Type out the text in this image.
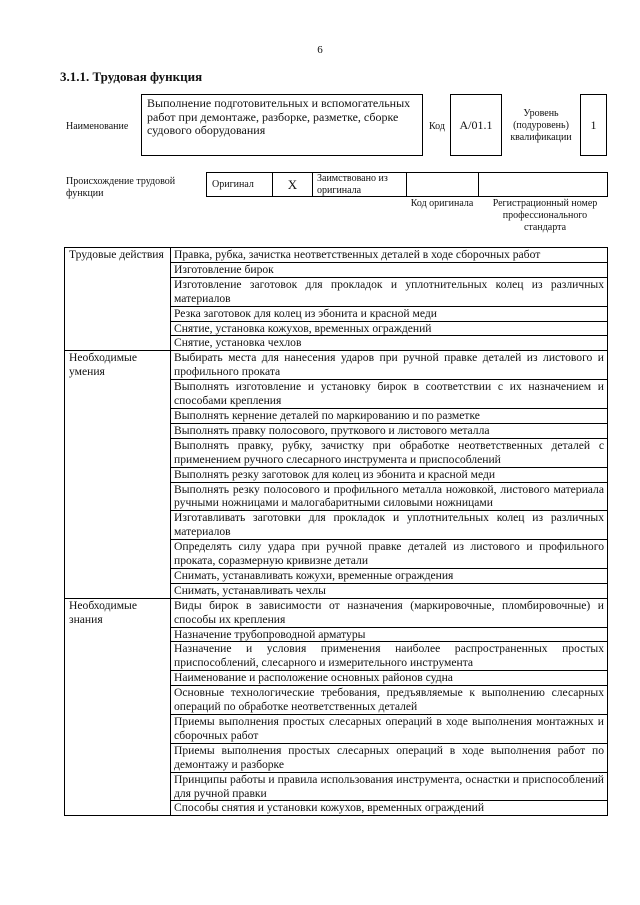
6
3.1.1. Трудовая функция
Наименование
Выполнение подготовительных и вспомогательных работ при демонтаже, разборке, разметке, сборке судового оборудования	Код	А/01.1
Уровень (подуровень) квалификации
1
Происхождение трудовой функции
Оригинал	Х	Заимствовано из оригинала
Код оригинала	Регистрационный номер профессионального стандарта
Трудовые действия	Правка, рубка, зачистка неответственных деталей в ходе сборочных работ
	Изготовление бирок
	Изготовление заготовок для прокладок и уплотнительных колец из различных материалов
	Резка заготовок для колец из эбонита и красной меди
	Снятие, установка кожухов, временных ограждений
	Снятие, установка чехлов
Необходимые умения	Выбирать места для нанесения ударов при ручной правке деталей из листового и профильного проката
	Выполнять изготовление и установку бирок в соответствии с их назначением и способами крепления
	Выполнять кернение деталей по маркированию и по разметке
	Выполнять правку полосового, пруткового и листового металла
	Выполнять правку, рубку, зачистку при обработке неответственных деталей с применением ручного слесарного инструмента и приспособлений
	Выполнять резку заготовок для колец из эбонита и красной меди
	Выполнять резку полосового и профильного металла ножовкой, листового материала ручными ножницами и малогабаритными силовыми ножницами
	Изготавливать заготовки для прокладок и уплотнительных колец из различных материалов
	Определять силу удара при ручной правке деталей из листового и профильного проката, соразмерную кривизне детали
	Снимать, устанавливать кожухи, временные ограждения
	Снимать, устанавливать чехлы
Необходимые знания	Виды бирок в зависимости от назначения (маркировочные, пломбировочные) и способы их крепления
	Назначение трубопроводной арматуры
	Назначение и условия применения наиболее распространенных простых приспособлений, слесарного и измерительного инструмента
	Наименование и расположение основных районов судна
	Основные технологические требования, предъявляемые к выполнению слесарных операций по обработке неответственных деталей
	Приемы выполнения простых слесарных операций в ходе выполнения монтажных и сборочных работ
	Приемы выполнения простых слесарных операций в ходе выполнения работ по демонтажу и разборке
	Принципы работы и правила использования инструмента, оснастки и приспособлений для ручной правки
	Способы снятия и установки кожухов, временных ограждений
